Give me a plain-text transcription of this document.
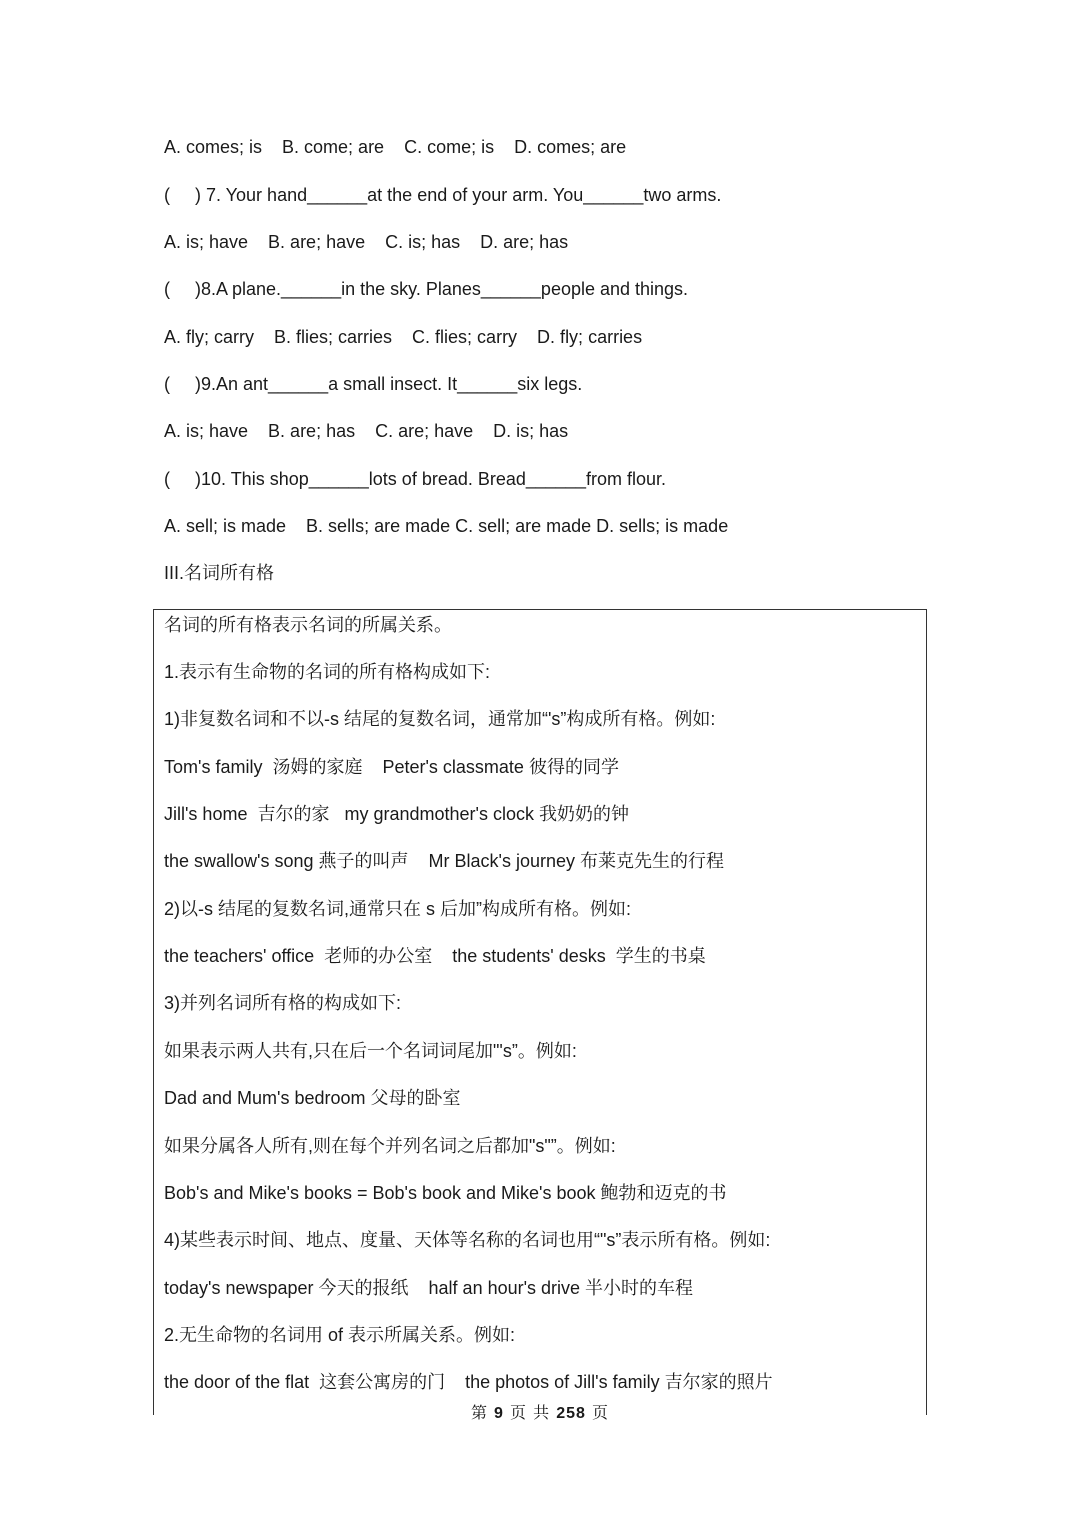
A. comes; is    B. come; are    C. come; is    D. comes; are
(     ) 7. Your hand______at the end of your arm. You______two arms.
A. is; have    B. are; have    C. is; has    D. are; has
(     )8.A plane.______in the sky. Planes______people and things.
A. fly; carry    B. flies; carries    C. flies; carry    D. fly; carries
(     )9.An ant______a small insect. It______six legs.
A. is; have    B. are; has    C. are; have    D. is; has
(     )10. This shop______lots of bread. Bread______from flour.
A. sell; is made    B. sells; are made C. sell; are made D. sells; is made
III.名词所有格
名词的所有格表示名词的所属关系。
1.表示有生命物的名词的所有格构成如下:
1)非复数名词和不以-s 结尾的复数名词，通常加“'s”构成所有格。例如:
Tom's family  汤姆的家庭    Peter's classmate 彼得的同学
Jill's home  吉尔的家   my grandmother's clock 我奶奶的钟
the swallow's song 燕子的叫声    Mr Black's journey 布莱克先生的行程
2)以-s 结尾的复数名词,通常只在 s 后加”构成所有格。例如:
the teachers' office  老师的办公室    the students' desks  学生的书桌
3)并列名词所有格的构成如下:
如果表示两人共有,只在后一个名词词尾加"'s”。例如:
Dad and Mum's bedroom 父母的卧室
如果分属各人所有,则在每个并列名词之后都加"s"”。例如:
Bob's and Mike's books = Bob's book and Mike's book 鲍勃和迈克的书
4)某些表示时间、地点、度量、天体等名称的名词也用“"s”表示所有格。例如:
today's newspaper 今天的报纸    half an hour's drive 半小时的车程
2.无生命物的名词用 of 表示所属关系。例如:
the door of the flat  这套公寓房的门    the photos of Jill's family 吉尔家的照片
第 9 页 共 258 页
